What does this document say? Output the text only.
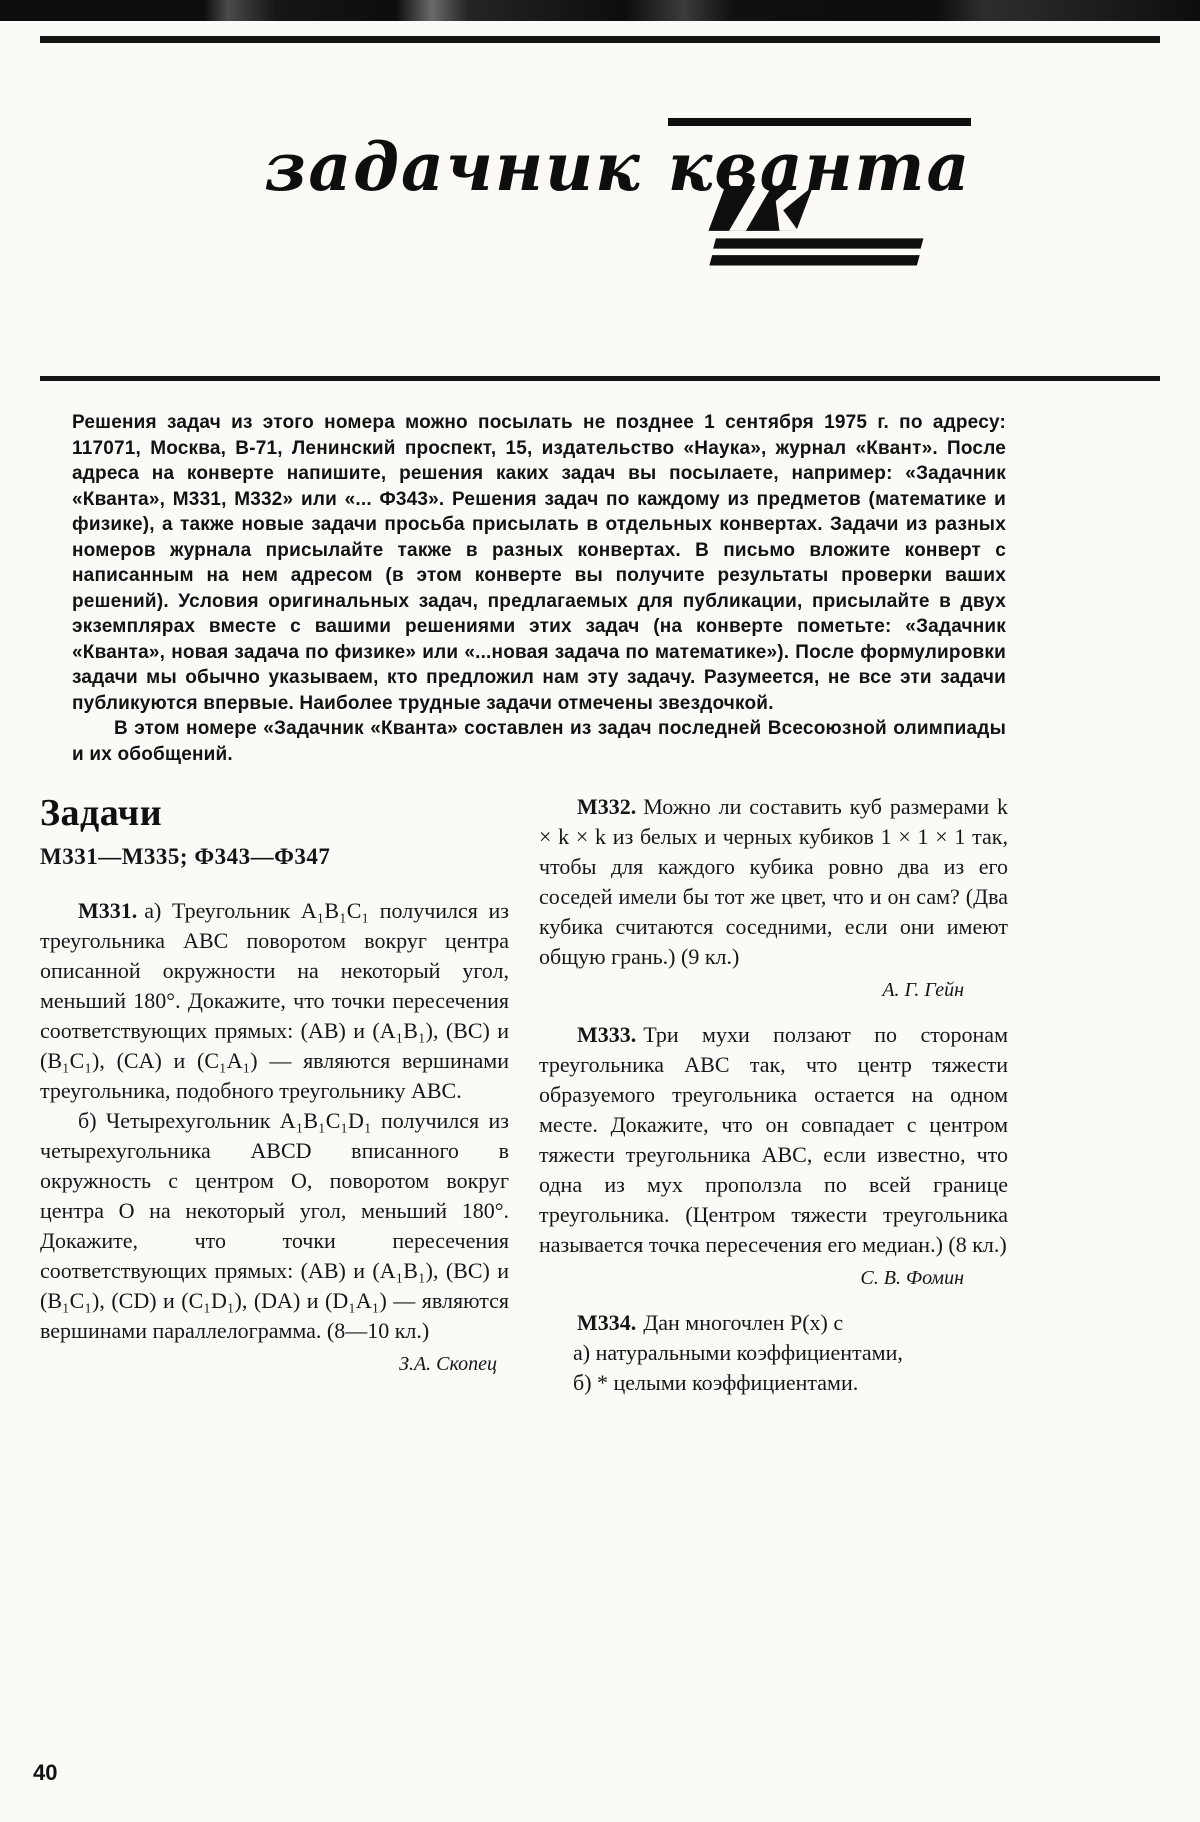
задачник кванта

Решения задач из этого номера можно посылать не позднее 1 сентября 1975 г. по адресу: 117071, Москва, В-71, Ленинский проспект, 15, издательство «Наука», журнал «Квант». После адреса на конверте напишите, решения каких задач вы посылаете, например: «Задачник «Кванта», М331, М332» или «... Ф343». Решения задач по каждому из предметов (математике и физике), а также новые задачи просьба присылать в отдельных конвертах. Задачи из разных номеров журнала присылайте также в разных конвертах. В письмо вложите конверт с написанным на нем адресом (в этом конверте вы получите результаты проверки ваших решений). Условия оригинальных задач, предлагаемых для публикации, присылайте в двух экземплярах вместе с вашими решениями этих задач (на конверте пометьте: «Задачник «Кванта», новая задача по физике» или «...новая задача по математике»). После формулировки задачи мы обычно указываем, кто предложил нам эту задачу. Разумеется, не все эти задачи публикуются впервые. Наиболее трудные задачи отмечены звездочкой.

В этом номере «Задачник «Кванта» составлен из задач последней Всесоюзной олимпиады и их обобщений.

Задачи
М331—М335; Ф343—Ф347

М331. а) Треугольник A₁B₁C₁ получился из треугольника ABC поворотом вокруг центра описанной окружности на некоторый угол, меньший 180°. Докажите, что точки пересечения соответствующих прямых: (AB) и (A₁B₁), (BC) и (B₁C₁), (CA) и (C₁A₁) — являются вершинами треугольника, подобного треугольнику ABC.

б) Четырехугольник A₁B₁C₁D₁ получился из четырехугольника ABCD вписанного в окружность с центром O, поворотом вокруг центра O на некоторый угол, меньший 180°. Докажите, что точки пересечения соответствующих прямых: (AB) и (A₁B₁), (BC) и (B₁C₁), (CD) и (C₁D₁), (DA) и (D₁A₁) — являются вершинами параллелограмма. (8—10 кл.)

З.А. Скопец

М332. Можно ли составить куб размерами k × k × k из белых и черных кубиков 1 × 1 × 1 так, чтобы для каждого кубика ровно два из его соседей имели бы тот же цвет, что и он сам? (Два кубика считаются соседними, если они имеют общую грань.) (9 кл.)

А. Г. Гейн

М333. Три мухи ползают по сторонам треугольника ABC так, что центр тяжести образуемого треугольника остается на одном месте. Докажите, что он совпадает с центром тяжести треугольника ABC, если известно, что одна из мух проползла по всей границе треугольника. (Центром тяжести треугольника называется точка пересечения его медиан.) (8 кл.)

С. В. Фомин

М334. Дан многочлен P(x) с

а) натуральными коэффициентами,

б) * целыми коэффициентами.

40
